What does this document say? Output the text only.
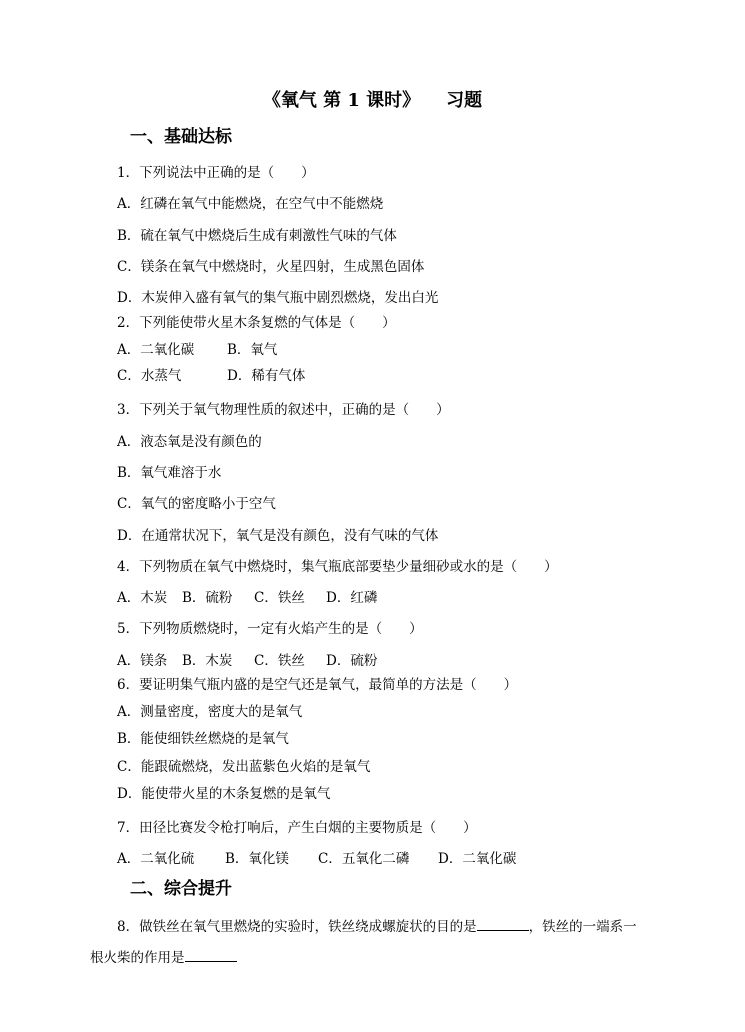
《氧气 第 1 课时》 习题
一、基础达标
1．下列说法中正确的是（　　）
A．红磷在氧气中能燃烧，在空气中不能燃烧
B．硫在氧气中燃烧后生成有刺激性气味的气体
C．镁条在氧气中燃烧时，火星四射，生成黑色固体
D．木炭伸入盛有氧气的集气瓶中剧烈燃烧，发出白光
2．下列能使带火星木条复燃的气体是（　　）
A．二氧化碳 B．氧气
C．水蒸气	D．稀有气体
3．下列关于氧气物理性质的叙述中，正确的是（　　）
A．液态氧是没有颜色的
B．氧气难溶于水
C．氧气的密度略小于空气
D．在通常状况下，氧气是没有颜色，没有气味的气体
4．下列物质在氧气中燃烧时，集气瓶底部要垫少量细砂或水的是（　　）
A．木炭 B．硫粉 C．铁丝 D．红磷
5．下列物质燃烧时，一定有火焰产生的是（　　）
A．镁条 B．木炭 C．铁丝 D．硫粉
6．要证明集气瓶内盛的是空气还是氧气，最简单的方法是（　　）
A．测量密度，密度大的是氧气
B．能使细铁丝燃烧的是氧气
C．能跟硫燃烧，发出蓝紫色火焰的是氧气
D．能使带火星的木条复燃的是氧气
7．田径比赛发令枪打响后，产生白烟的主要物质是（　　）
A．二氧化硫 B．氧化镁 C．五氧化二磷 D．二氧化碳
二、综合提升
8．做铁丝在氧气里燃烧的实验时，铁丝绕成螺旋状的目的是	，铁丝的一端系一
根火柴的作用是
